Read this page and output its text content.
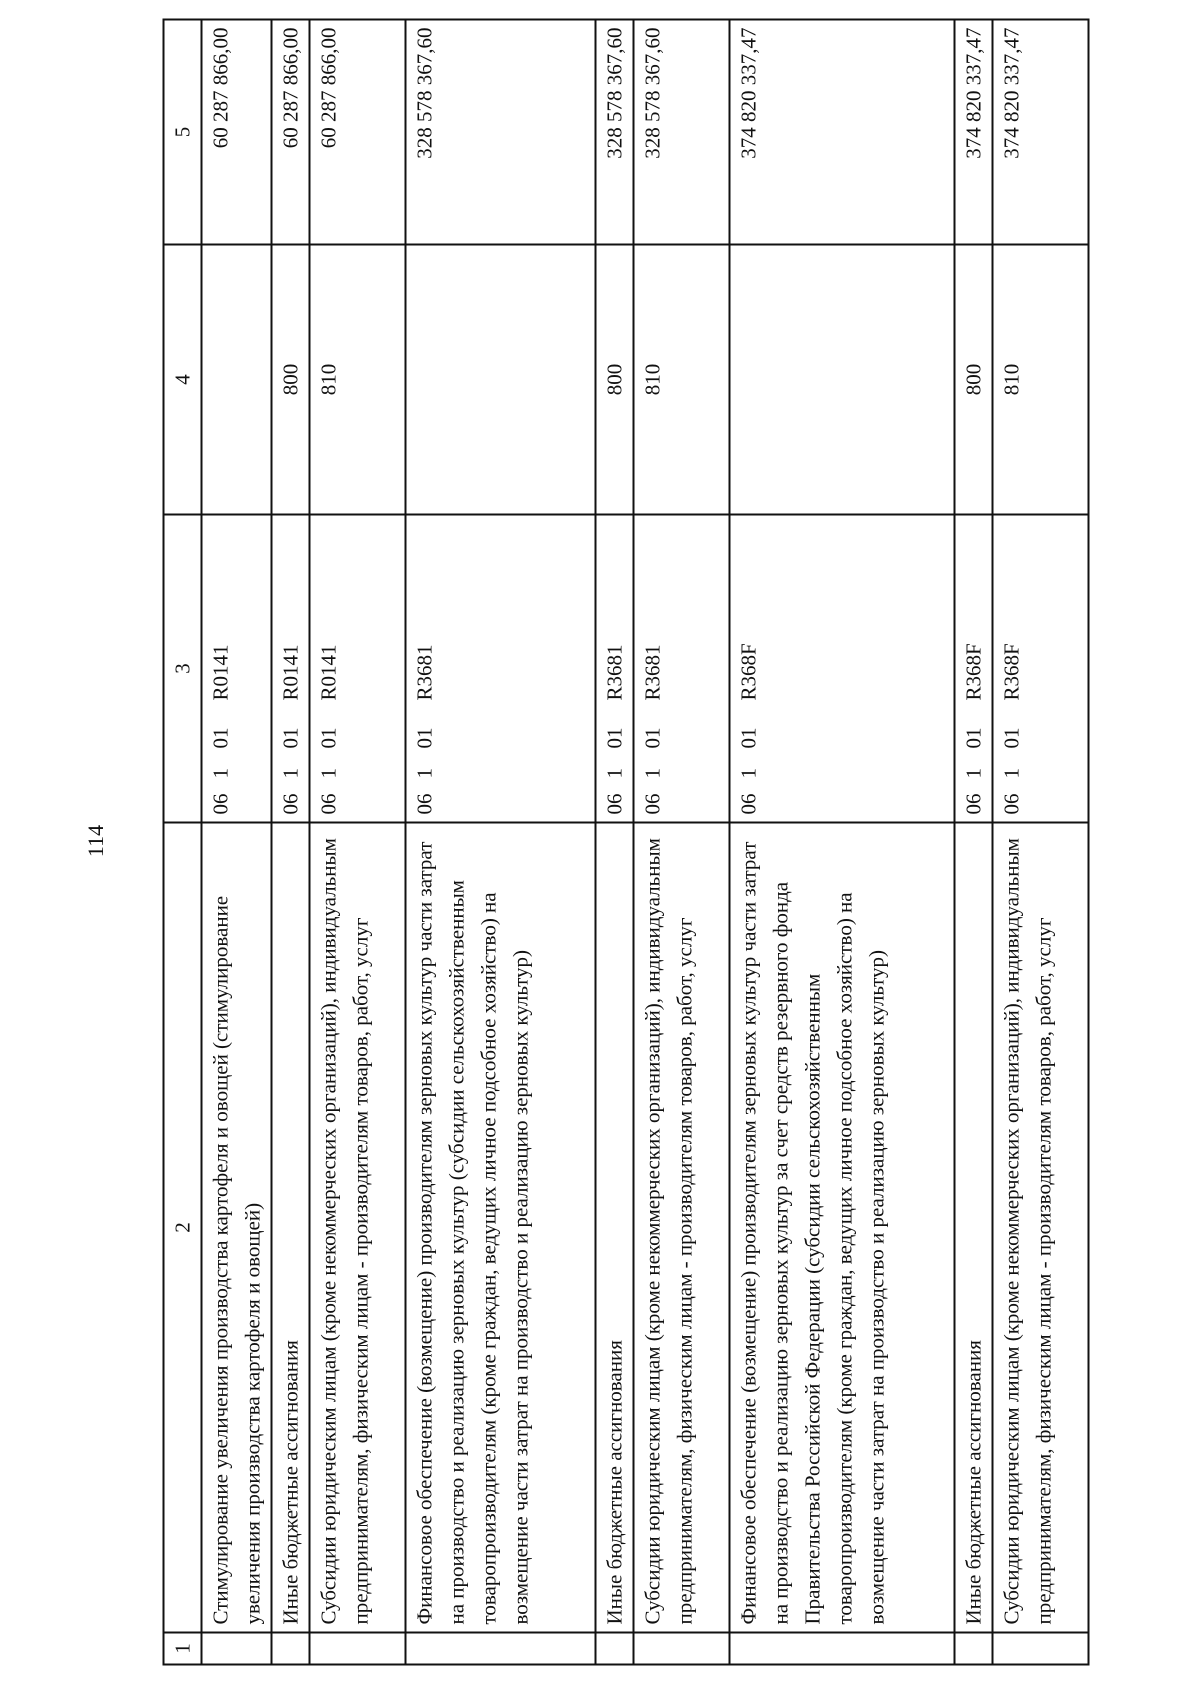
114
1	2	3	4	5
	Стимулирование увеличения производства картофеля и овощей (стимулирование увеличения производства картофеля и овощей)	06101R0141		60 287 866,00
	Иные бюджетные ассигнования	06101R0141	800	60 287 866,00
	Субсидии юридическим лицам (кроме некоммерческих организаций), индивидуальным предпринимателям, физическим лицам - производителям товаров, работ, услуг	06101R0141	810	60 287 866,00
	Финансовое обеспечение (возмещение) производителям зерновых культур части затрат на производство и реализацию зерновых культур (субсидии сельскохозяйственным товаропроизводителям (кроме граждан, ведущих личное подсобное хозяйство) на возмещение части затрат на производство и реализацию зерновых культур)	06101R3681		328 578 367,60
	Иные бюджетные ассигнования	06101R3681	800	328 578 367,60
	Субсидии юридическим лицам (кроме некоммерческих организаций), индивидуальным предпринимателям, физическим лицам - производителям товаров, работ, услуг	06101R3681	810	328 578 367,60
	Финансовое обеспечение (возмещение) производителям зерновых культур части затрат на производство и реализацию зерновых культур за счет средств резервного фонда Правительства Российской Федерации (субсидии сельскохозяйственным товаропроизводителям (кроме граждан, ведущих личное подсобное хозяйство) на возмещение части затрат на производство и реализацию зерновых культур)	06101R368F		374 820 337,47
	Иные бюджетные ассигнования	06101R368F	800	374 820 337,47
	Субсидии юридическим лицам (кроме некоммерческих организаций), индивидуальным предпринимателям, физическим лицам - производителям товаров, работ, услуг	06101R368F	810	374 820 337,47
